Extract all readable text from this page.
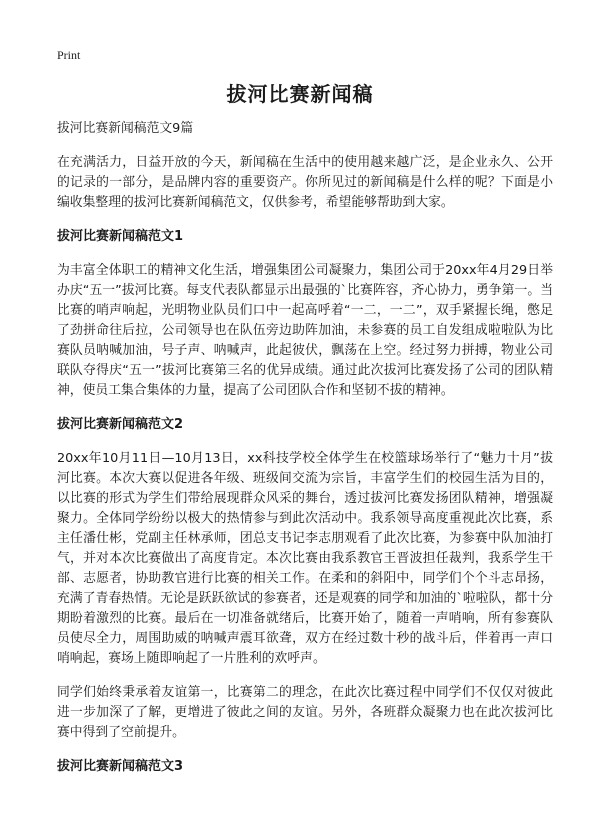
Print
拔河比赛新闻稿

拔河比赛新闻稿范文9篇

在充满活力，日益开放的今天，新闻稿在生活中的使用越来越广泛，是企业永久、公开的记录的一部分，是品牌内容的重要资产。你所见过的新闻稿是什么样的呢？下面是小编收集整理的拔河比赛新闻稿范文，仅供参考，希望能够帮助到大家。

拔河比赛新闻稿范文1

为丰富全体职工的精神文化生活，增强集团公司凝聚力，集团公司于20xx年4月29日举办庆“五一”拔河比赛。每支代表队都显示出最强的`比赛阵容，齐心协力，勇争第一。当比赛的哨声响起，光明物业队员们口中一起高呼着“一二，一二”，双手紧握长绳，憋足了劲拼命往后拉，公司领导也在队伍旁边助阵加油，未参赛的员工自发组成啦啦队为比赛队员呐喊加油，号子声、呐喊声，此起彼伏，飘荡在上空。经过努力拼搏，物业公司联队夺得庆“五一”拔河比赛第三名的优异成绩。通过此次拔河比赛发扬了公司的团队精神，使员工集合集体的力量，提高了公司团队合作和坚韧不拔的精神。

拔河比赛新闻稿范文2

20xx年10月11日—10月13日，xx科技学校全体学生在校篮球场举行了“魅力十月”拔河比赛。本次大赛以促进各年级、班级间交流为宗旨，丰富学生们的校园生活为目的，以比赛的形式为学生们带给展现群众风采的舞台，透过拔河比赛发扬团队精神，增强凝聚力。全体同学纷纷以极大的热情参与到此次活动中。我系领导高度重视此次比赛，系主任潘仕彬，党副主任林承师，团总支书记李志朋观看了此次比赛，为参赛中队加油打气，并对本次比赛做出了高度肯定。本次比赛由我系教官王晋波担任裁判，我系学生干部、志愿者，协助教官进行比赛的相关工作。在柔和的斜阳中，同学们个个斗志昂扬，充满了青春热情。无论是跃跃欲试的参赛者，还是观赛的同学和加油的`啦啦队，都十分期盼着激烈的比赛。最后在一切准备就绪后，比赛开始了，随着一声哨响，所有参赛队员使尽全力，周围助威的呐喊声震耳欲聋，双方在经过数十秒的战斗后，伴着再一声口哨响起，赛场上随即响起了一片胜利的欢呼声。

同学们始终秉承着友谊第一，比赛第二的理念，在此次比赛过程中同学们不仅仅对彼此进一步加深了了解，更增进了彼此之间的友谊。另外，各班群众凝聚力也在此次拔河比赛中得到了空前提升。

拔河比赛新闻稿范文3
